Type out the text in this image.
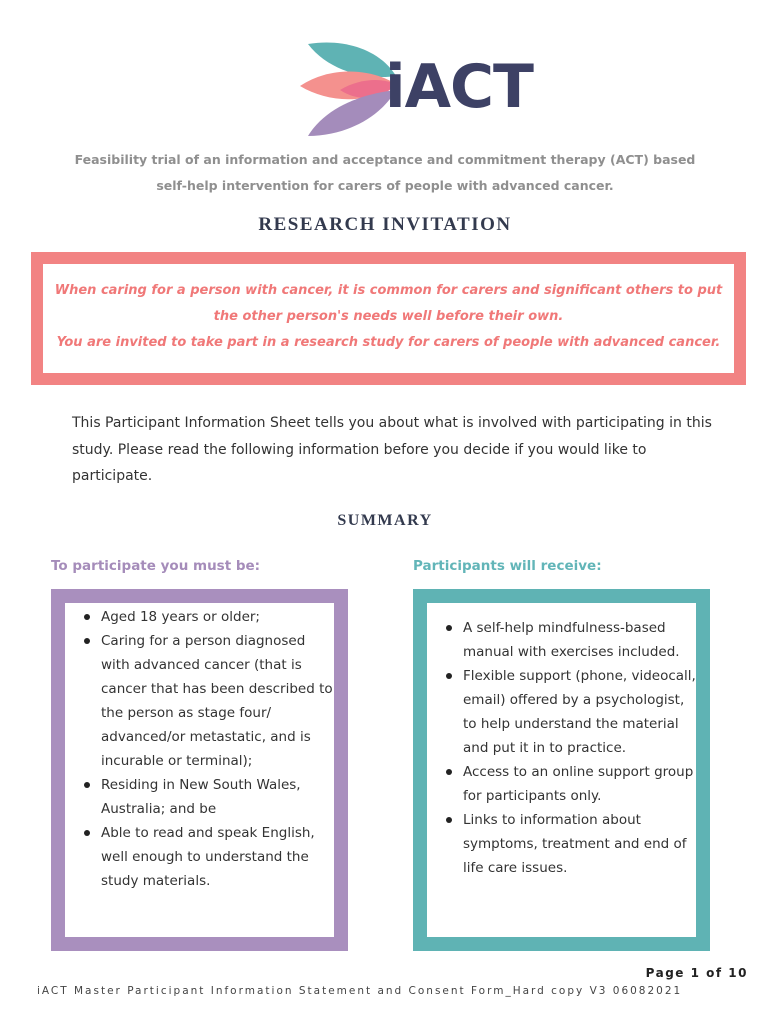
iACT
Feasibility trial of an information and acceptance and commitment therapy (ACT) based
self-help intervention for carers of people with advanced cancer.
RESEARCH INVITATION
When caring for a person with cancer, it is common for carers and significant others to put
the other person's needs well before their own.
You are invited to take part in a research study for carers of people with advanced cancer.
This Participant Information Sheet tells you about what is involved with participating in this study. Please read the following information before you decide if you would like to participate.
SUMMARY
To participate you must be:	Participants will receive:
Aged 18 years or older;
Caring for a person diagnosed with advanced cancer (that is cancer that has been described to the person as stage four/ advanced/or metastatic, and is incurable or terminal);
Residing in New South Wales, Australia; and be
Able to read and speak English, well enough to understand the study materials.
A self-help mindfulness-based manual with exercises included.
Flexible support (phone, videocall, email) offered by a psychologist, to help understand the material and put it in to practice.
Access to an online support group for participants only.
Links to information about symptoms, treatment and end of life care issues.
Page 1 of 10
iACT Master Participant Information Statement and Consent Form_Hard copy V3 06082021
